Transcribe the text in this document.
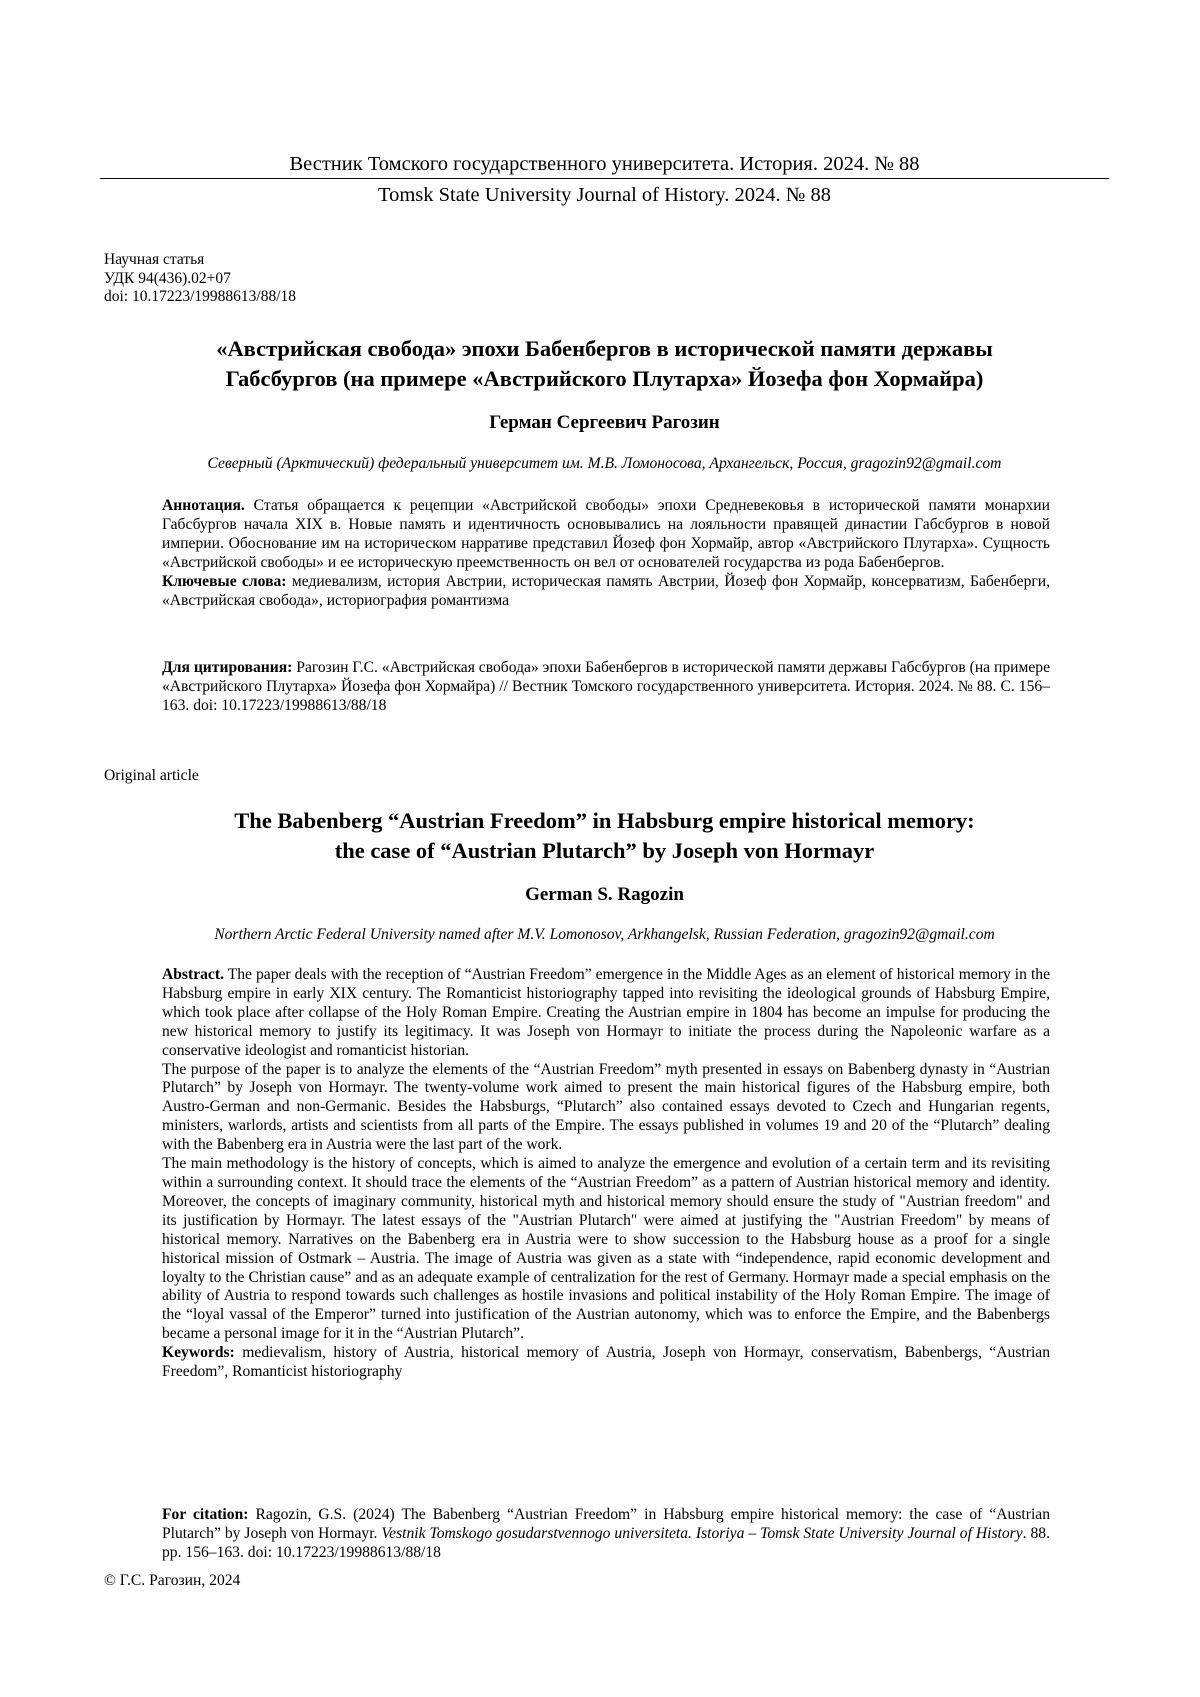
Вестник Томского государственного университета. История. 2024. № 88
Tomsk State University Journal of History. 2024. № 88
Научная статья
УДК 94(436).02+07
doi: 10.17223/19988613/88/18
«Австрийская свобода» эпохи Бабенбергов в исторической памяти державы
Габсбургов (на примере «Австрийского Плутарха» Йозефа фон Хормайра)
Герман Сергеевич Рагозин
Северный (Арктический) федеральный университет им. М.В. Ломоносова, Архангельск, Россия, gragozin92@gmail.com

Аннотация. Статья обращается к рецепции «Австрийской свободы» эпохи Средневековья в исторической памяти монархии Габсбургов начала XIX в. Новые память и идентичность основывались на лояльности правящей династии Габсбургов в новой империи. Обоснование им на историческом нарративе представил Йозеф фон Хормайр, автор «Австрийского Плутарха». Сущность «Австрийской свободы» и ее историческую преемственность он вел от основателей государства из рода Бабенбергов.

Ключевые слова: медиевализм, история Австрии, историческая память Австрии, Йозеф фон Хормайр, консерватизм, Бабенберги, «Австрийская свобода», историография романтизма

Для цитирования: Рагозин Г.С. «Австрийская свобода» эпохи Бабенбергов в исторической памяти державы Габсбургов (на примере «Австрийского Плутарха» Йозефа фон Хормайра) // Вестник Томского государственного университета. История. 2024. № 88. С. 156–163. doi: 10.17223/19988613/88/18

Original article
The Babenberg “Austrian Freedom” in Habsburg empire historical memory:
the case of “Austrian Plutarch” by Joseph von Hormayr
German S. Ragozin
Northern Arctic Federal University named after M.V. Lomonosov, Arkhangelsk, Russian Federation, gragozin92@gmail.com

Abstract. The paper deals with the reception of “Austrian Freedom” emergence in the Middle Ages as an element of historical memory in the Habsburg empire in early XIX century. The Romanticist historiography tapped into revisiting the ideological grounds of Habsburg Empire, which took place after collapse of the Holy Roman Empire. Creating the Austrian empire in 1804 has become an impulse for producing the new historical memory to justify its legitimacy. It was Joseph von Hormayr to initiate the process during the Napoleonic warfare as a conservative ideologist and romanticist historian.

The purpose of the paper is to analyze the elements of the “Austrian Freedom” myth presented in essays on Babenberg dynasty in “Austrian Plutarch” by Joseph von Hormayr. The twenty-volume work aimed to present the main historical figures of the Habsburg empire, both Austro-German and non-Germanic. Besides the Habsburgs, “Plutarch” also contained essays devoted to Czech and Hungarian regents, ministers, warlords, artists and scientists from all parts of the Empire. The essays published in volumes 19 and 20 of the “Plutarch” dealing with the Babenberg era in Austria were the last part of the work.

The main methodology is the history of concepts, which is aimed to analyze the emergence and evolution of a certain term and its revisiting within a surrounding context. It should trace the elements of the “Austrian Freedom” as a pattern of Austrian historical memory and identity. Moreover, the concepts of imaginary community, historical myth and historical memory should ensure the study of "Austrian freedom" and its justification by Hormayr. The latest essays of the "Austrian Plutarch" were aimed at justifying the "Austrian Freedom" by means of historical memory. Narratives on the Babenberg era in Austria were to show succession to the Habsburg house as a proof for a single historical mission of Ostmark – Austria. The image of Austria was given as a state with “independence, rapid economic development and loyalty to the Christian cause” and as an adequate example of centralization for the rest of Germany. Hormayr made a special emphasis on the ability of Austria to respond towards such challenges as hostile invasions and political instability of the Holy Roman Empire. The image of the “loyal vassal of the Emperor” turned into justification of the Austrian autonomy, which was to enforce the Empire, and the Babenbergs became a personal image for it in the “Austrian Plutarch”.

Keywords: medievalism, history of Austria, historical memory of Austria, Joseph von Hormayr, conservatism, Babenbergs, “Austrian Freedom”, Romanticist historiography

For citation: Ragozin, G.S. (2024) The Babenberg “Austrian Freedom” in Habsburg empire historical memory: the case of “Austrian Plutarch” by Joseph von Hormayr. Vestnik Tomskogo gosudarstvennogo universiteta. Istoriya – Tomsk State University Journal of History. 88. pp. 156–163. doi: 10.17223/19988613/88/18

© Г.С. Рагозин, 2024
